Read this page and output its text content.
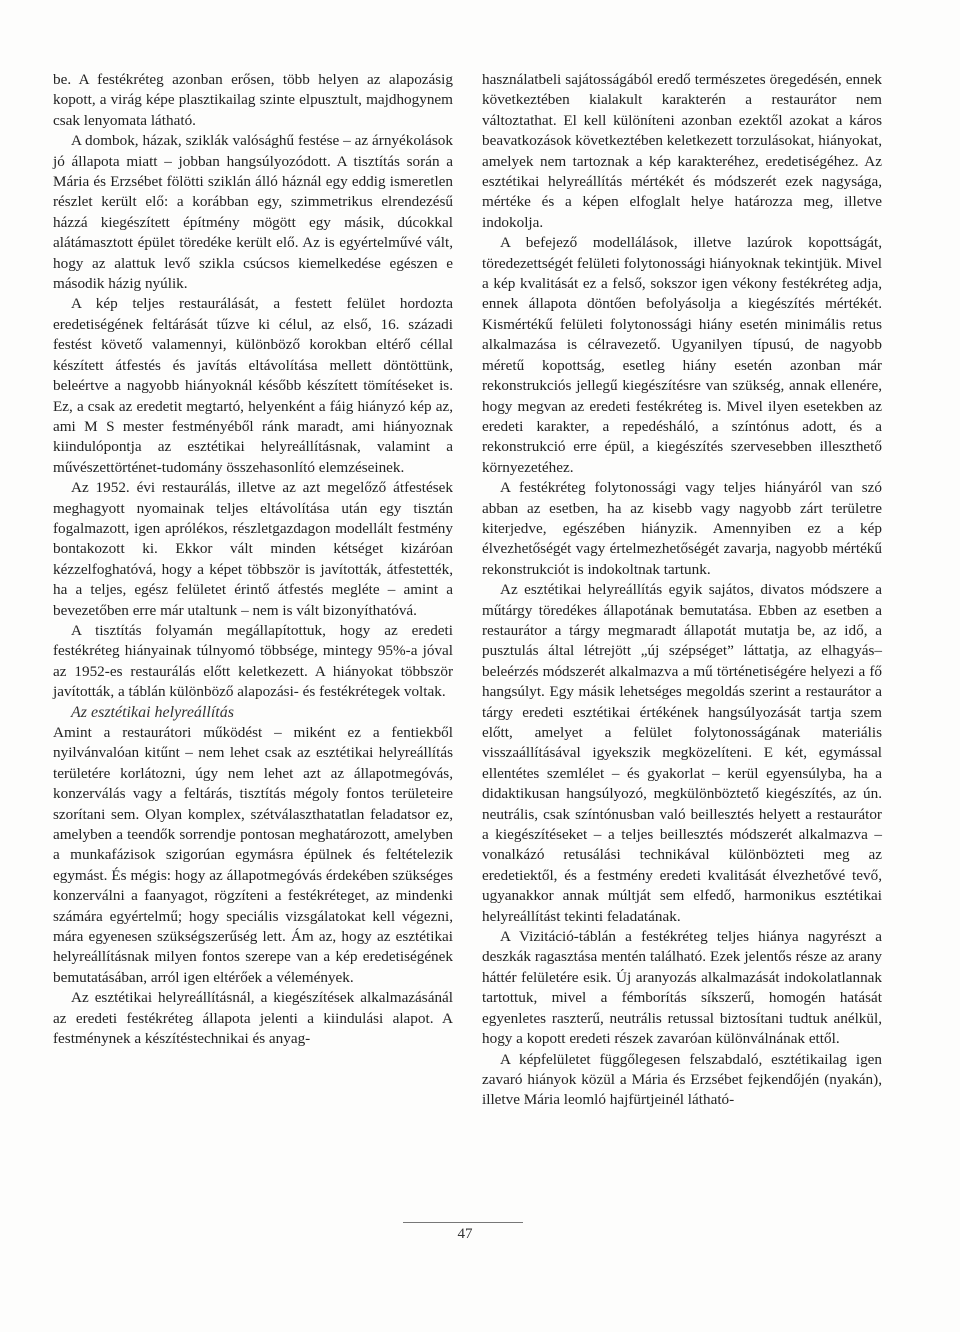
be. A festékréteg azonban erősen, több helyen az alapozásig kopott, a virág képe plasztikailag szinte elpusztult, majdhogynem csak lenyomata látható.

A dombok, házak, sziklák valósághű festése – az árnyékolások jó állapota miatt – jobban hangsúlyozódott. A tisztítás során a Mária és Erzsébet fölötti sziklán álló háznál egy eddig ismeretlen részlet került elő: a korábban egy, szimmetrikus elrendezésű házzá kiegészített építmény mögött egy másik, dúcokkal alátámasztott épület töredéke került elő. Az is egyértelművé vált, hogy az alattuk levő szikla csúcsos kiemelkedése egészen e második házig nyúlik.

A kép teljes restaurálását, a festett felület hordozta eredetiségének feltárását tűzve ki célul, az első, 16. századi festést követő valamennyi, különböző korokban eltérő céllal készített átfestés és javítás eltávolítása mellett döntöttünk, beleértve a nagyobb hiányoknál később készített tömítéseket is. Ez, a csak az eredetit megtartó, helyenként a fáig hiányzó kép az, ami M S mester festményéből ránk maradt, ami hiányoznak kiindulópontja az esztétikai helyreállításnak, valamint a művészettörténet-tudomány összehasonlító elemzéseinek.

Az 1952. évi restaurálás, illetve az azt megelőző átfestések meghagyott nyomainak teljes eltávolítása után egy tisztán fogalmazott, igen aprólékos, részletgazdagon modellált festmény bontakozott ki. Ekkor vált minden kétséget kizáróan kézzelfoghatóvá, hogy a képet többször is javították, átfestették, ha a teljes, egész felületet érintő átfestés megléte – amint a bevezetőben erre már utaltunk – nem is vált bizonyíthatóvá.

A tisztítás folyamán megállapítottuk, hogy az eredeti festékréteg hiányainak túlnyomó többsége, mintegy 95%-a jóval az 1952-es restaurálás előtt keletkezett. A hiányokat többször javították, a táblán különböző alapozási- és festékrétegek voltak.

Az esztétikai helyreállítás

Amint a restaurátori működést – miként ez a fentiekből nyilvánvalóan kitűnt – nem lehet csak az esztétikai helyreállítás területére korlátozni, úgy nem lehet azt az állapotmegóvás, konzerválás vagy a feltárás, tisztítás mégoly fontos területeire szorítani sem. Olyan komplex, szétválaszthatatlan feladatsor ez, amelyben a teendők sorrendje pontosan meghatározott, amelyben a munkafázisok szigorúan egymásra épülnek és feltételezik egymást. És mégis: hogy az állapotmegóvás érdekében szükséges konzerválni a faanyagot, rögzíteni a festékréteget, az mindenki számára egyértelmű; hogy speciális vizsgálatokat kell végezni, mára egyenesen szükségszerűség lett. Ám az, hogy az esztétikai helyreállításnak milyen fontos szerepe van a kép eredetiségének bemutatásában, arról igen eltérőek a vélemények.

Az esztétikai helyreállításnál, a kiegészítések alkalmazásánál az eredeti festékréteg állapota jelenti a kiindulási alapot. A festménynek a készítéstechnikai és anyag-

használatbeli sajátosságából eredő természetes öregedésén, ennek következtében kialakult karakterén a restaurátor nem változtathat. El kell különíteni azonban ezektől azokat a káros beavatkozások következtében keletkezett torzulásokat, hiányokat, amelyek nem tartoznak a kép karakteréhez, eredetiségéhez. Az esztétikai helyreállítás mértékét és módszerét ezek nagysága, mértéke és a képen elfoglalt helye határozza meg, illetve indokolja.

A befejező modellálások, illetve lazúrok kopottságát, töredezettségét felületi folytonossági hiányoknak tekintjük. Mivel a kép kvalitását ez a felső, sokszor igen vékony festékréteg adja, ennek állapota döntően befolyásolja a kiegészítés mértékét. Kismértékű felületi folytonossági hiány esetén minimális retus alkalmazása is célravezető. Ugyanilyen típusú, de nagyobb méretű kopottság, esetleg hiány esetén azonban már rekonstrukciós jellegű kiegészítésre van szükség, annak ellenére, hogy megvan az eredeti festékréteg is. Mivel ilyen esetekben az eredeti karakter, a repedésháló, a színtónus adott, és a rekonstrukció erre épül, a kiegészítés szervesebben illeszthető környezetéhez.

A festékréteg folytonossági vagy teljes hiányáról van szó abban az esetben, ha az kisebb vagy nagyobb zárt területre kiterjedve, egészében hiányzik. Amennyiben ez a kép élvezhetőségét vagy értelmezhetőségét zavarja, nagyobb mértékű rekonstrukciót is indokoltnak tartunk.

Az esztétikai helyreállítás egyik sajátos, divatos módszere a műtárgy töredékes állapotának bemutatása. Ebben az esetben a restaurátor a tárgy megmaradt állapotát mutatja be, az idő, a pusztulás által létrejött „új szépséget” láttatja, az elhagyás–beleérzés módszerét alkalmazva a mű történetiségére helyezi a fő hangsúlyt. Egy másik lehetséges megoldás szerint a restaurátor a tárgy eredeti esztétikai értékének hangsúlyozását tartja szem előtt, amelyet a felület folytonosságának materiális visszaállításával igyekszik megközelíteni. E két, egymással ellentétes szemlélet – és gyakorlat – kerül egyensúlyba, ha a didaktikusan hangsúlyozó, megkülönböztető kiegészítés, az ún. neutrális, csak színtónusban való beillesztés helyett a restaurátor a kiegészítéseket – a teljes beillesztés módszerét alkalmazva – vonalkázó retusálási technikával különbözteti meg az eredetiektől, és a festmény eredeti kvalitását élvezhetővé tevő, ugyanakkor annak múltját sem elfedő, harmonikus esztétikai helyreállítást tekinti feladatának.

A Vizitáció-táblán a festékréteg teljes hiánya nagyrészt a deszkák ragasztása mentén található. Ezek jelentős része az arany háttér felületére esik. Új aranyozás alkalmazását indokolatlannak tartottuk, mivel a fémborítás síkszerű, homogén hatását egyenletes raszterű, neutrális retussal biztosítani tudtuk anélkül, hogy a kopott eredeti részek zavaróan különválnának ettől.

A képfelületet függőlegesen felszabdaló, esztétikailag igen zavaró hiányok közül a Mária és Erzsébet fejkendőjén (nyakán), illetve Mária leomló hajfürtjeinél látható-

47
